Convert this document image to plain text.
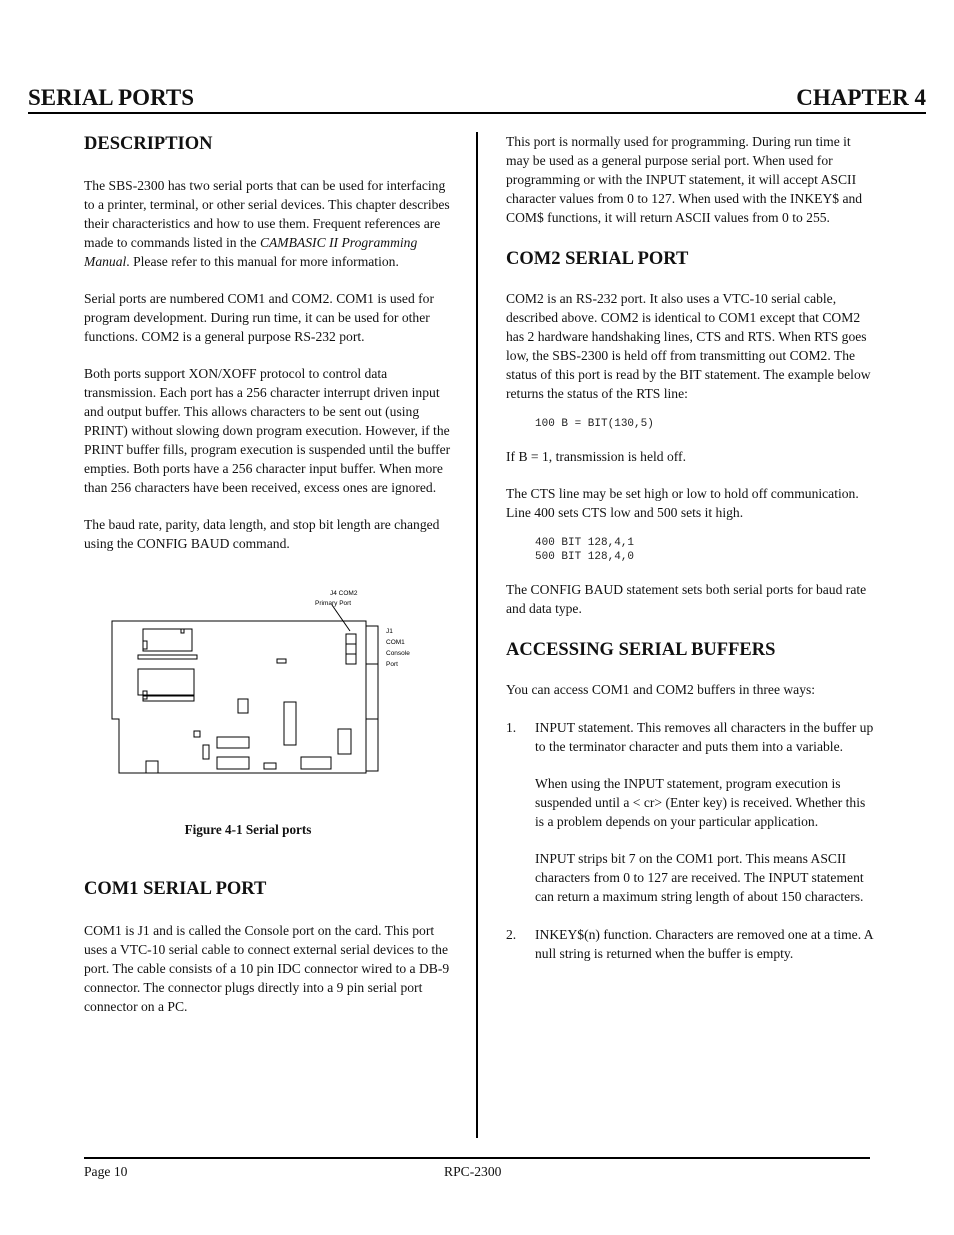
SERIAL PORTS	CHAPTER 4
DESCRIPTION

The SBS-2300 has two serial ports that can be used for interfacing to a printer, terminal, or other serial devices. This chapter describes their characteristics and how to use them. Frequent references are made to commands listed in the CAMBASIC II Programming Manual. Please refer to this manual for more information.

Serial ports are numbered COM1 and COM2. COM1 is used for program development. During run time, it can be used for other functions. COM2 is a general purpose RS-232 port.

Both ports support XON/XOFF protocol to control data transmission. Each port has a 256 character interrupt driven input and output buffer. This allows characters to be sent out (using PRINT) without slowing down program execution. However, if the PRINT buffer fills, program execution is suspended until the buffer empties. Both ports have a 256 character input buffer. When more than 256 characters have been received, excess ones are ignored.

The baud rate, parity, data length, and stop bit length are changed using the CONFIG BAUD command.

J4 COM2
Primary Port
J1
COM1
Console
Port

Figure 4-1 Serial ports

COM1 SERIAL PORT

COM1 is J1 and is called the Console port on the card. This port uses a VTC-10 serial cable to connect external serial devices to the port. The cable consists of a 10 pin IDC connector wired to a DB-9 connector. The connector plugs directly into a 9 pin serial port connector on a PC.

This port is normally used for programming. During run time it may be used as a general purpose serial port. When used for programming or with the INPUT statement, it will accept ASCII character values from 0 to 127. When used with the INKEY$ and COM$ functions, it will return ASCII values from 0 to 255.

COM2 SERIAL PORT

COM2 is an RS-232 port. It also uses a VTC-10 serial cable, described above. COM2 is identical to COM1 except that COM2 has 2 hardware handshaking lines, CTS and RTS. When RTS goes low, the SBS-2300 is held off from transmitting out COM2. The status of this port is read by the BIT statement. The example below returns the status of the RTS line:

100 B = BIT(130,5)

If B = 1, transmission is held off.

The CTS line may be set high or low to hold off communication. Line 400 sets CTS low and 500 sets it high.

400 BIT 128,4,1
500 BIT 128,4,0

The CONFIG BAUD statement sets both serial ports for baud rate and data type.

ACCESSING SERIAL BUFFERS

You can access COM1 and COM2 buffers in three ways:

1.	INPUT statement. This removes all characters in the buffer up to the terminator character and puts them into a variable.

When using the INPUT statement, program execution is suspended until a < cr> (Enter key) is received. Whether this is a problem depends on your particular application.

INPUT strips bit 7 on the COM1 port. This means ASCII characters from 0 to 127 are received. The INPUT statement can return a maximum string length of about 150 characters.

2.	INKEY$(n) function. Characters are removed one at a time. A null string is returned when the buffer is empty.

Page 10	RPC-2300
